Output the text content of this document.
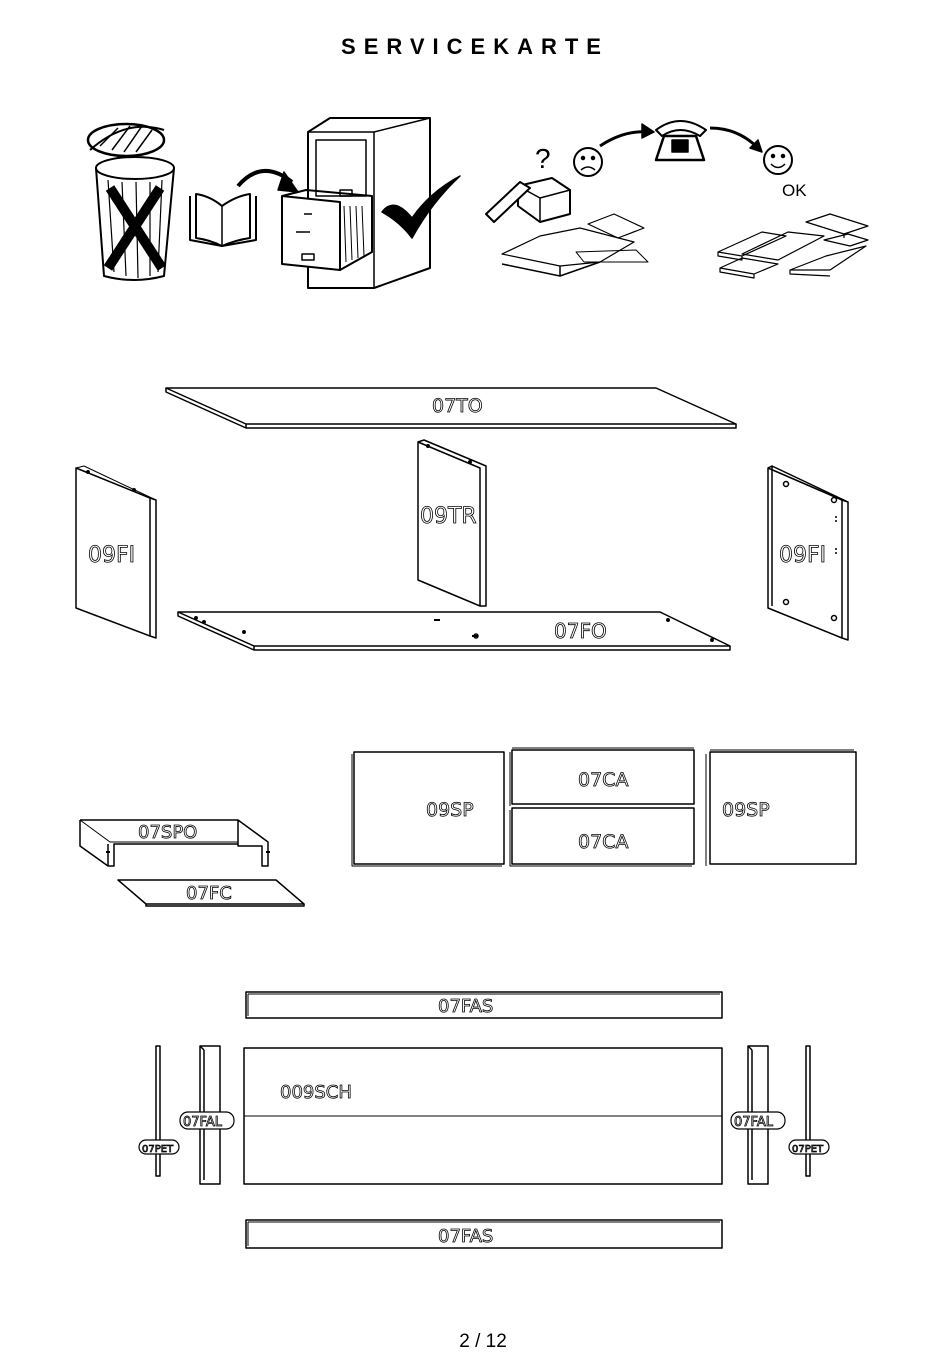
SERVICEKARTE
?
OK
07TO
09FI
09TR
09FI
07FO
07SPO
07FC
09SP
07CA
07CA
09SP
07FAS
009SCH
07FAL	07FAL
07PET	07PET
07FAS
2 / 12
